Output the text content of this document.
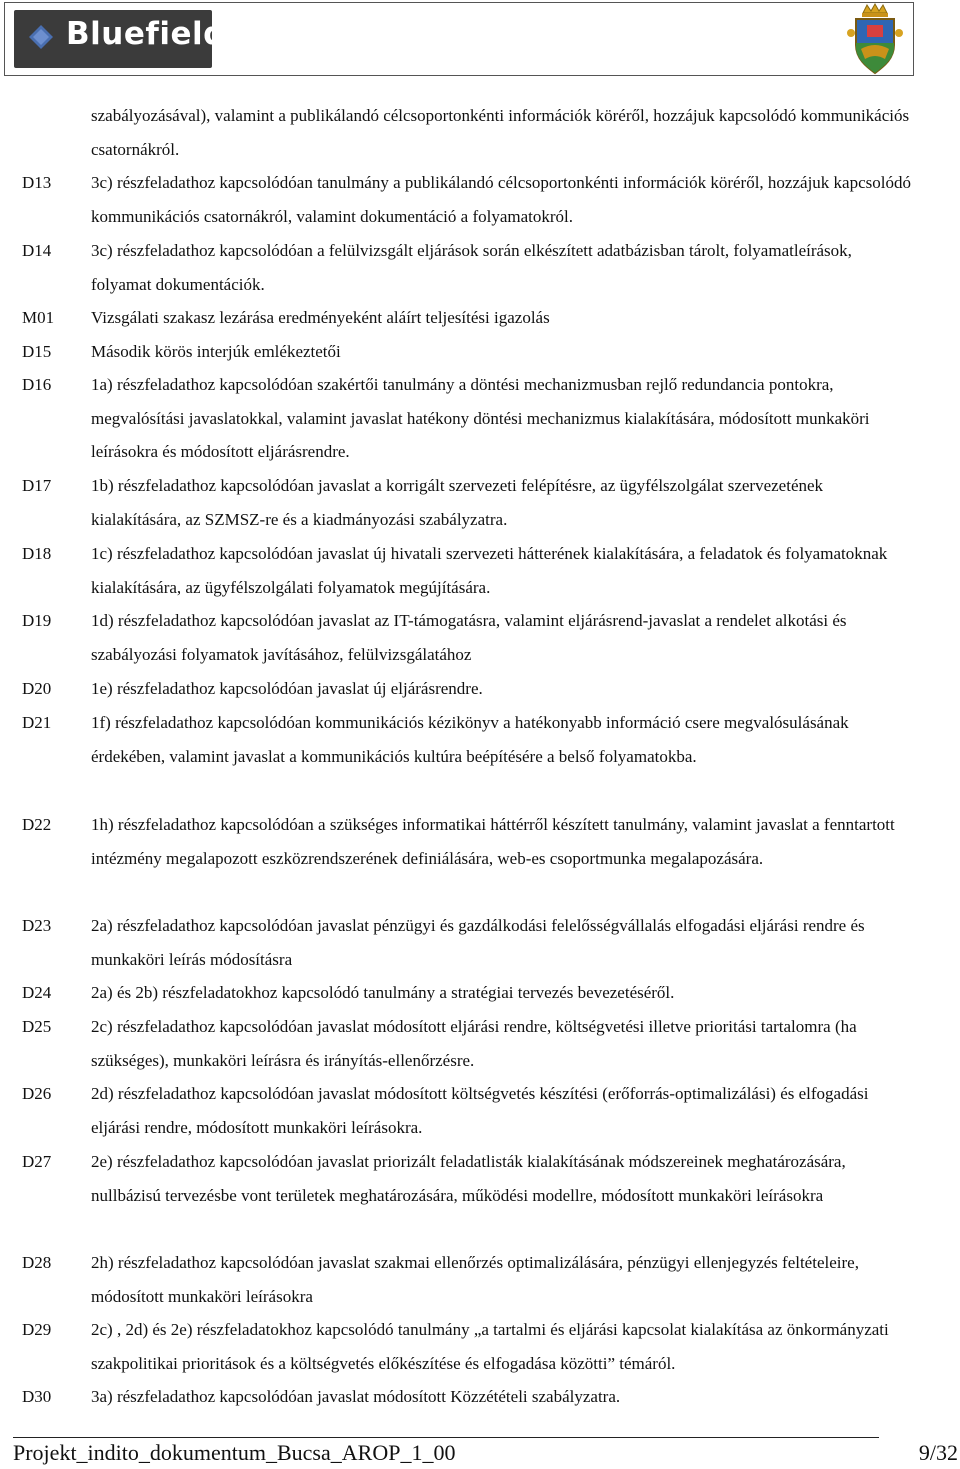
Bluefield
szabályozásával), valamint a publikálandó célcsoportonkénti információk köréről, hozzájuk kapcsolódó kommunikációs csatornákról.
D13	3c) részfeladathoz kapcsolódóan tanulmány a publikálandó célcsoportonkénti információk köréről, hozzájuk kapcsolódó kommunikációs csatornákról, valamint dokumentáció a folyamatokról.
D14	3c) részfeladathoz kapcsolódóan a felülvizsgált eljárások során elkészített adatbázisban tárolt, folyamatleírások, folyamat dokumentációk.
M01	Vizsgálati szakasz lezárása eredményeként aláírt teljesítési igazolás
D15	Második körös interjúk emlékeztetői
D16	1a) részfeladathoz kapcsolódóan szakértői tanulmány a döntési mechanizmusban rejlő redundancia pontokra, megvalósítási javaslatokkal, valamint javaslat hatékony döntési mechanizmus kialakítására, módosított munkaköri leírásokra és módosított eljárásrendre.
D17	1b) részfeladathoz kapcsolódóan javaslat a korrigált szervezeti felépítésre, az ügyfélszolgálat szervezetének kialakítására, az SZMSZ-re és a kiadmányozási szabályzatra.
D18	1c) részfeladathoz kapcsolódóan javaslat új hivatali szervezeti hátterének kialakítására, a feladatok és folyamatoknak kialakítására, az ügyfélszolgálati folyamatok megújítására.
D19	1d) részfeladathoz kapcsolódóan javaslat az IT-támogatásra, valamint eljárásrend-javaslat a rendelet alkotási és szabályozási folyamatok javításához, felülvizsgálatához
D20	1e) részfeladathoz kapcsolódóan javaslat új eljárásrendre.
D21	1f) részfeladathoz kapcsolódóan kommunikációs kézikönyv a hatékonyabb információ csere megvalósulásának érdekében, valamint javaslat a kommunikációs kultúra beépítésére a belső folyamatokba.
D22	1h) részfeladathoz kapcsolódóan a szükséges informatikai háttérről készített tanulmány, valamint javaslat a fenntartott intézmény megalapozott eszközrendszerének definiálására, web-es csoportmunka megalapozására.
D23	2a) részfeladathoz kapcsolódóan javaslat pénzügyi és gazdálkodási felelősségvállalás elfogadási eljárási rendre és munkaköri leírás módosításra
D24	2a) és 2b) részfeladatokhoz kapcsolódó tanulmány a stratégiai tervezés bevezetéséről.
D25	2c) részfeladathoz kapcsolódóan javaslat módosított eljárási rendre, költségvetési illetve prioritási tartalomra (ha szükséges), munkaköri leírásra és irányítás-ellenőrzésre.
D26	2d) részfeladathoz kapcsolódóan javaslat módosított költségvetés készítési (erőforrás-optimalizálási) és elfogadási eljárási rendre, módosított munkaköri leírásokra.
D27	2e) részfeladathoz kapcsolódóan javaslat priorizált feladatlisták kialakításának módszereinek meghatározására, nullbázisú tervezésbe vont területek meghatározására, működési modellre, módosított munkaköri leírásokra
D28	2h) részfeladathoz kapcsolódóan javaslat szakmai ellenőrzés optimalizálására, pénzügyi ellenjegyzés feltételeire, módosított munkaköri leírásokra
D29	2c) , 2d) és 2e) részfeladatokhoz kapcsolódó tanulmány „a tartalmi és eljárási kapcsolat kialakítása az önkormányzati szakpolitikai prioritások és a költségvetés előkészítése és elfogadása közötti” témáról.
D30	3a) részfeladathoz kapcsolódóan javaslat módosított Közzétételi szabályzatra.
Projekt_indito_dokumentum_Bucsa_AROP_1_00	9/32
